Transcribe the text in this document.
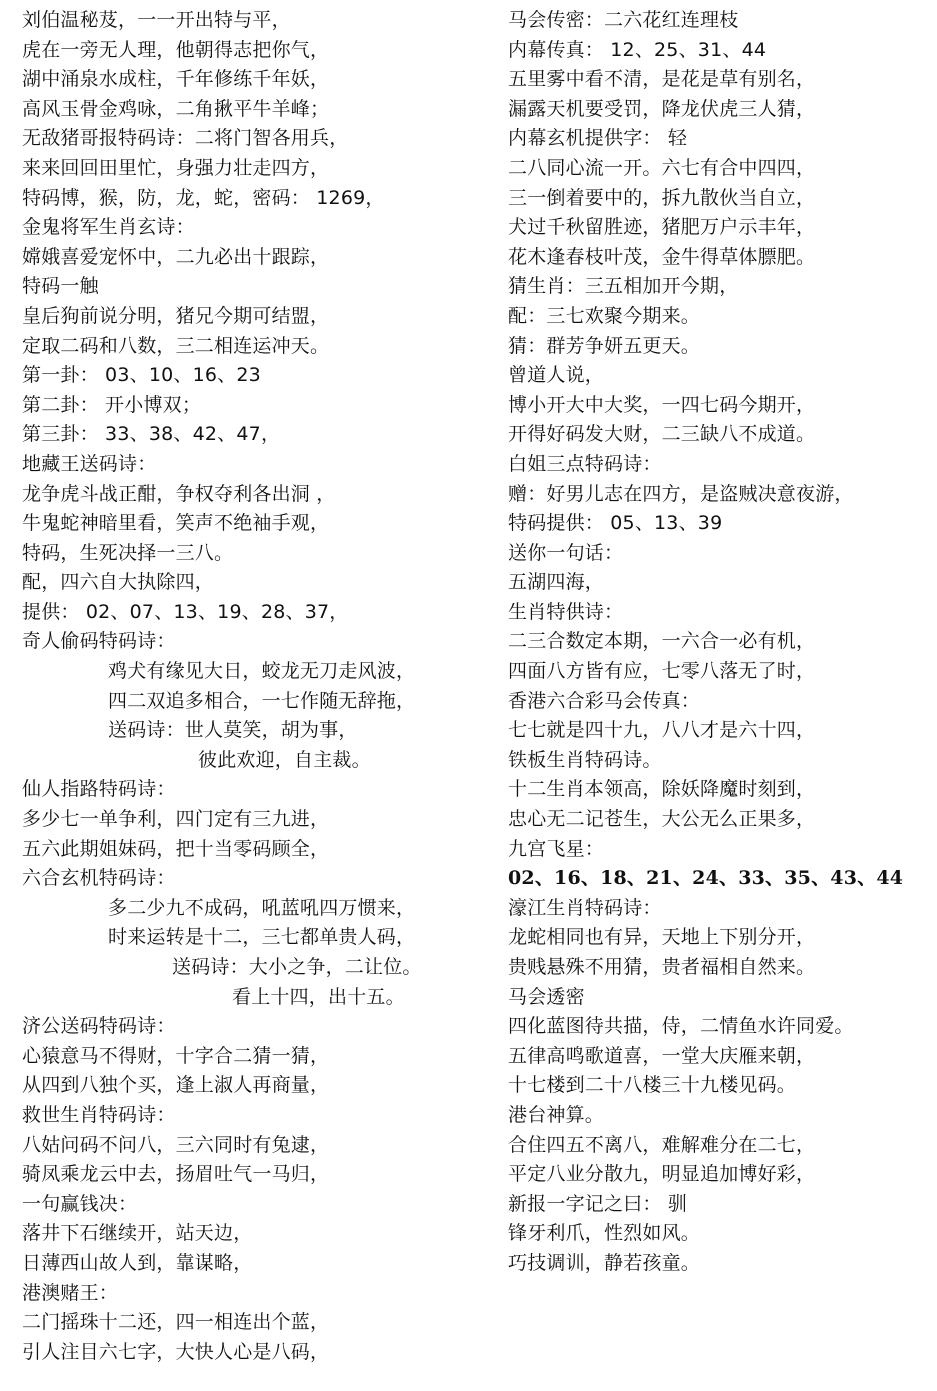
刘伯温秘芨，一一开出特与平，
虎在一旁无人理，他朝得志把你气，
湖中涌泉水成柱，千年修练千年妖，
高风玉骨金鸡咏，二角揪平牛羊峰；
无敌猪哥报特码诗：二将门智各用兵，
来来回回田里忙，身强力壮走四方，
特码博，猴，防，龙，蛇，密码： 1269，
金鬼将军生肖玄诗：
嫦娥喜爱宠怀中，二九必出十跟踪，
特码一触
皇后狗前说分明，猪兄今期可结盟，
定取二码和八数，三二相连运冲天。
第一卦： 03、10、16、23
第二卦： 开小博双；
第三卦： 33、38、42、47，
地藏王送码诗：
龙争虎斗战正酣，争权夺利各出洞 ，
牛鬼蛇神暗里看，笑声不绝袖手观，
特码，生死决择一三八。
配，四六自大执除四，
提供： 02、07、13、19、28、37，
奇人偷码特码诗：
鸡犬有缘见大日，蛟龙无刀走风波，
四二双追多相合，一七作随无辞拖，
送码诗：世人莫笑，胡为事，
彼此欢迎，自主裁。
仙人指路特码诗：
多少七一单争利，四门定有三九进，
五六此期姐妹码，把十当零码顾全，
六合玄机特码诗：
多二少九不成码，吼蓝吼四万惯来，
时来运转是十二，三七都单贵人码，
送码诗：大小之争，二让位。
看上十四，出十五。
济公送码特码诗：
心猿意马不得财，十字合二猜一猜，
从四到八独个买，逢上淑人再商量，
救世生肖特码诗：
八姑问码不问八，三六同时有兔逮，
骑凤乘龙云中去，扬眉吐气一马归，
一句赢钱决：
落井下石继续开，站天边，
日薄西山故人到，靠谋略，
港澳赌王：
二门摇珠十二还，四一相连出个蓝，
引人注目六七字，大快人心是八码，
马会传密：二六花红连理枝
内幕传真： 12、25、31、44
五里雾中看不清，是花是草有别名，
漏露天机要受罚，降龙伏虎三人猜，
内幕玄机提供字： 轻
二八同心流一开。六七有合中四四，
三一倒着要中的，拆九散伙当自立，
犬过千秋留胜迹，猪肥万户示丰年，
花木逢春枝叶茂，金牛得草体膘肥。
猜生肖：三五相加开今期，
配：三七欢聚今期来。
猜：群芳争妍五更天。
曾道人说，
博小开大中大奖，一四七码今期开，
开得好码发大财，二三缺八不成道。
白姐三点特码诗：
赠：好男儿志在四方，是盗贼决意夜游，
特码提供： 05、13、39
送你一句话：
五湖四海，
生肖特供诗：
二三合数定本期，一六合一必有机，
四面八方皆有应，七零八落无了时，
香港六合彩马会传真：
七七就是四十九，八八才是六十四，
铁板生肖特码诗。
十二生肖本领高，除妖降魔时刻到，
忠心无二记苍生，大公无么正果多，
九宫飞星：
02、16、18、21、24、33、35、43、44
濠江生肖特码诗：
龙蛇相同也有异，天地上下别分开，
贵贱悬殊不用猜，贵者福相自然来。
马会透密
四化蓝图待共描，侍，二情鱼水许同爱。
五律高鸣歌道喜，一堂大庆雁来朝，
十七楼到二十八楼三十九楼见码。
港台神算。
合住四五不离八，难解难分在二七，
平定八业分散九，明显追加博好彩，
新报一字记之曰： 驯
锋牙利爪，性烈如风。
巧技调训，静若孩童。
